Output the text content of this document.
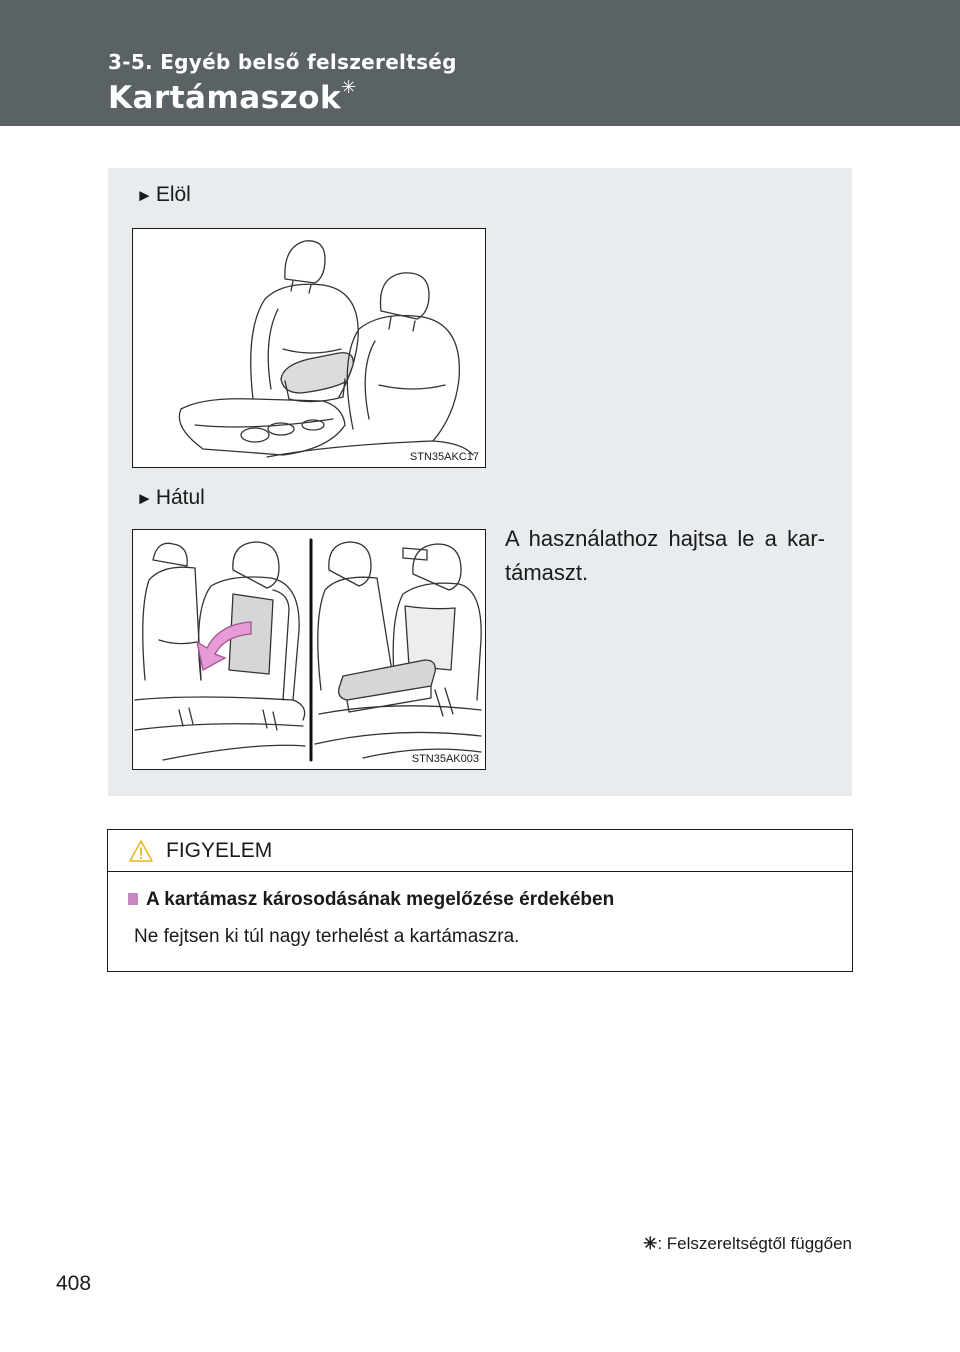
3-5. Egyéb belső felszereltség
Kartámaszok✳
► Elöl
STN35AKC17
► Hátul
STN35AK003
A használathoz hajtsa le a kar-támaszt.
FIGYELEM
A kartámasz károsodásának megelőzése érdekében
Ne fejtsen ki túl nagy terhelést a kartámaszra.
✳: Felszereltségtől függően
408
